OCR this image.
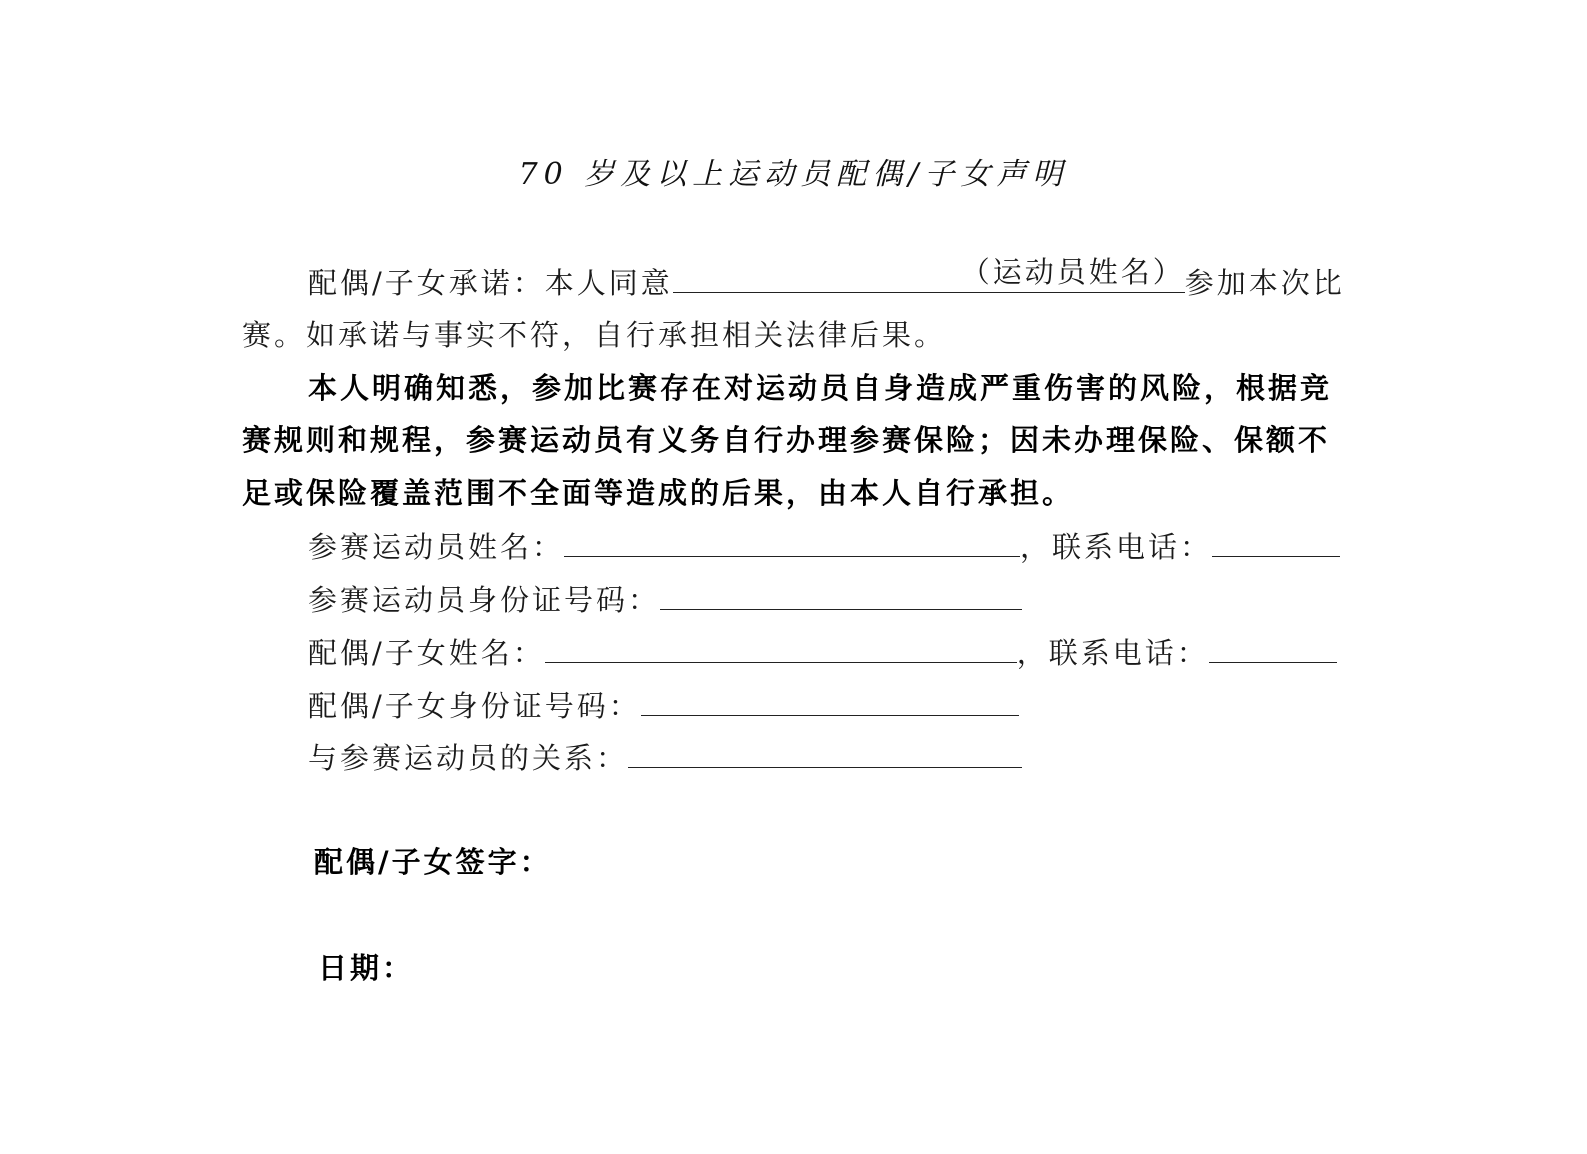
70 岁及以上运动员配偶/子女声明
配偶/子女承诺：本人同意	（运动员姓名） 参加本次比
赛。如承诺与事实不符，自行承担相关法律后果。
本人明确知悉，参加比赛存在对运动员自身造成严重伤害的风险，根据竞
赛规则和规程，参赛运动员有义务自行办理参赛保险；因未办理保险、保额不
足或保险覆盖范围不全面等造成的后果，由本人自行承担。
参赛运动员姓名：	，联系电话：
参赛运动员身份证号码：
配偶/子女姓名：	，联系电话：
配偶/子女身份证号码：
与参赛运动员的关系：
配偶/子女签字：
日期：
